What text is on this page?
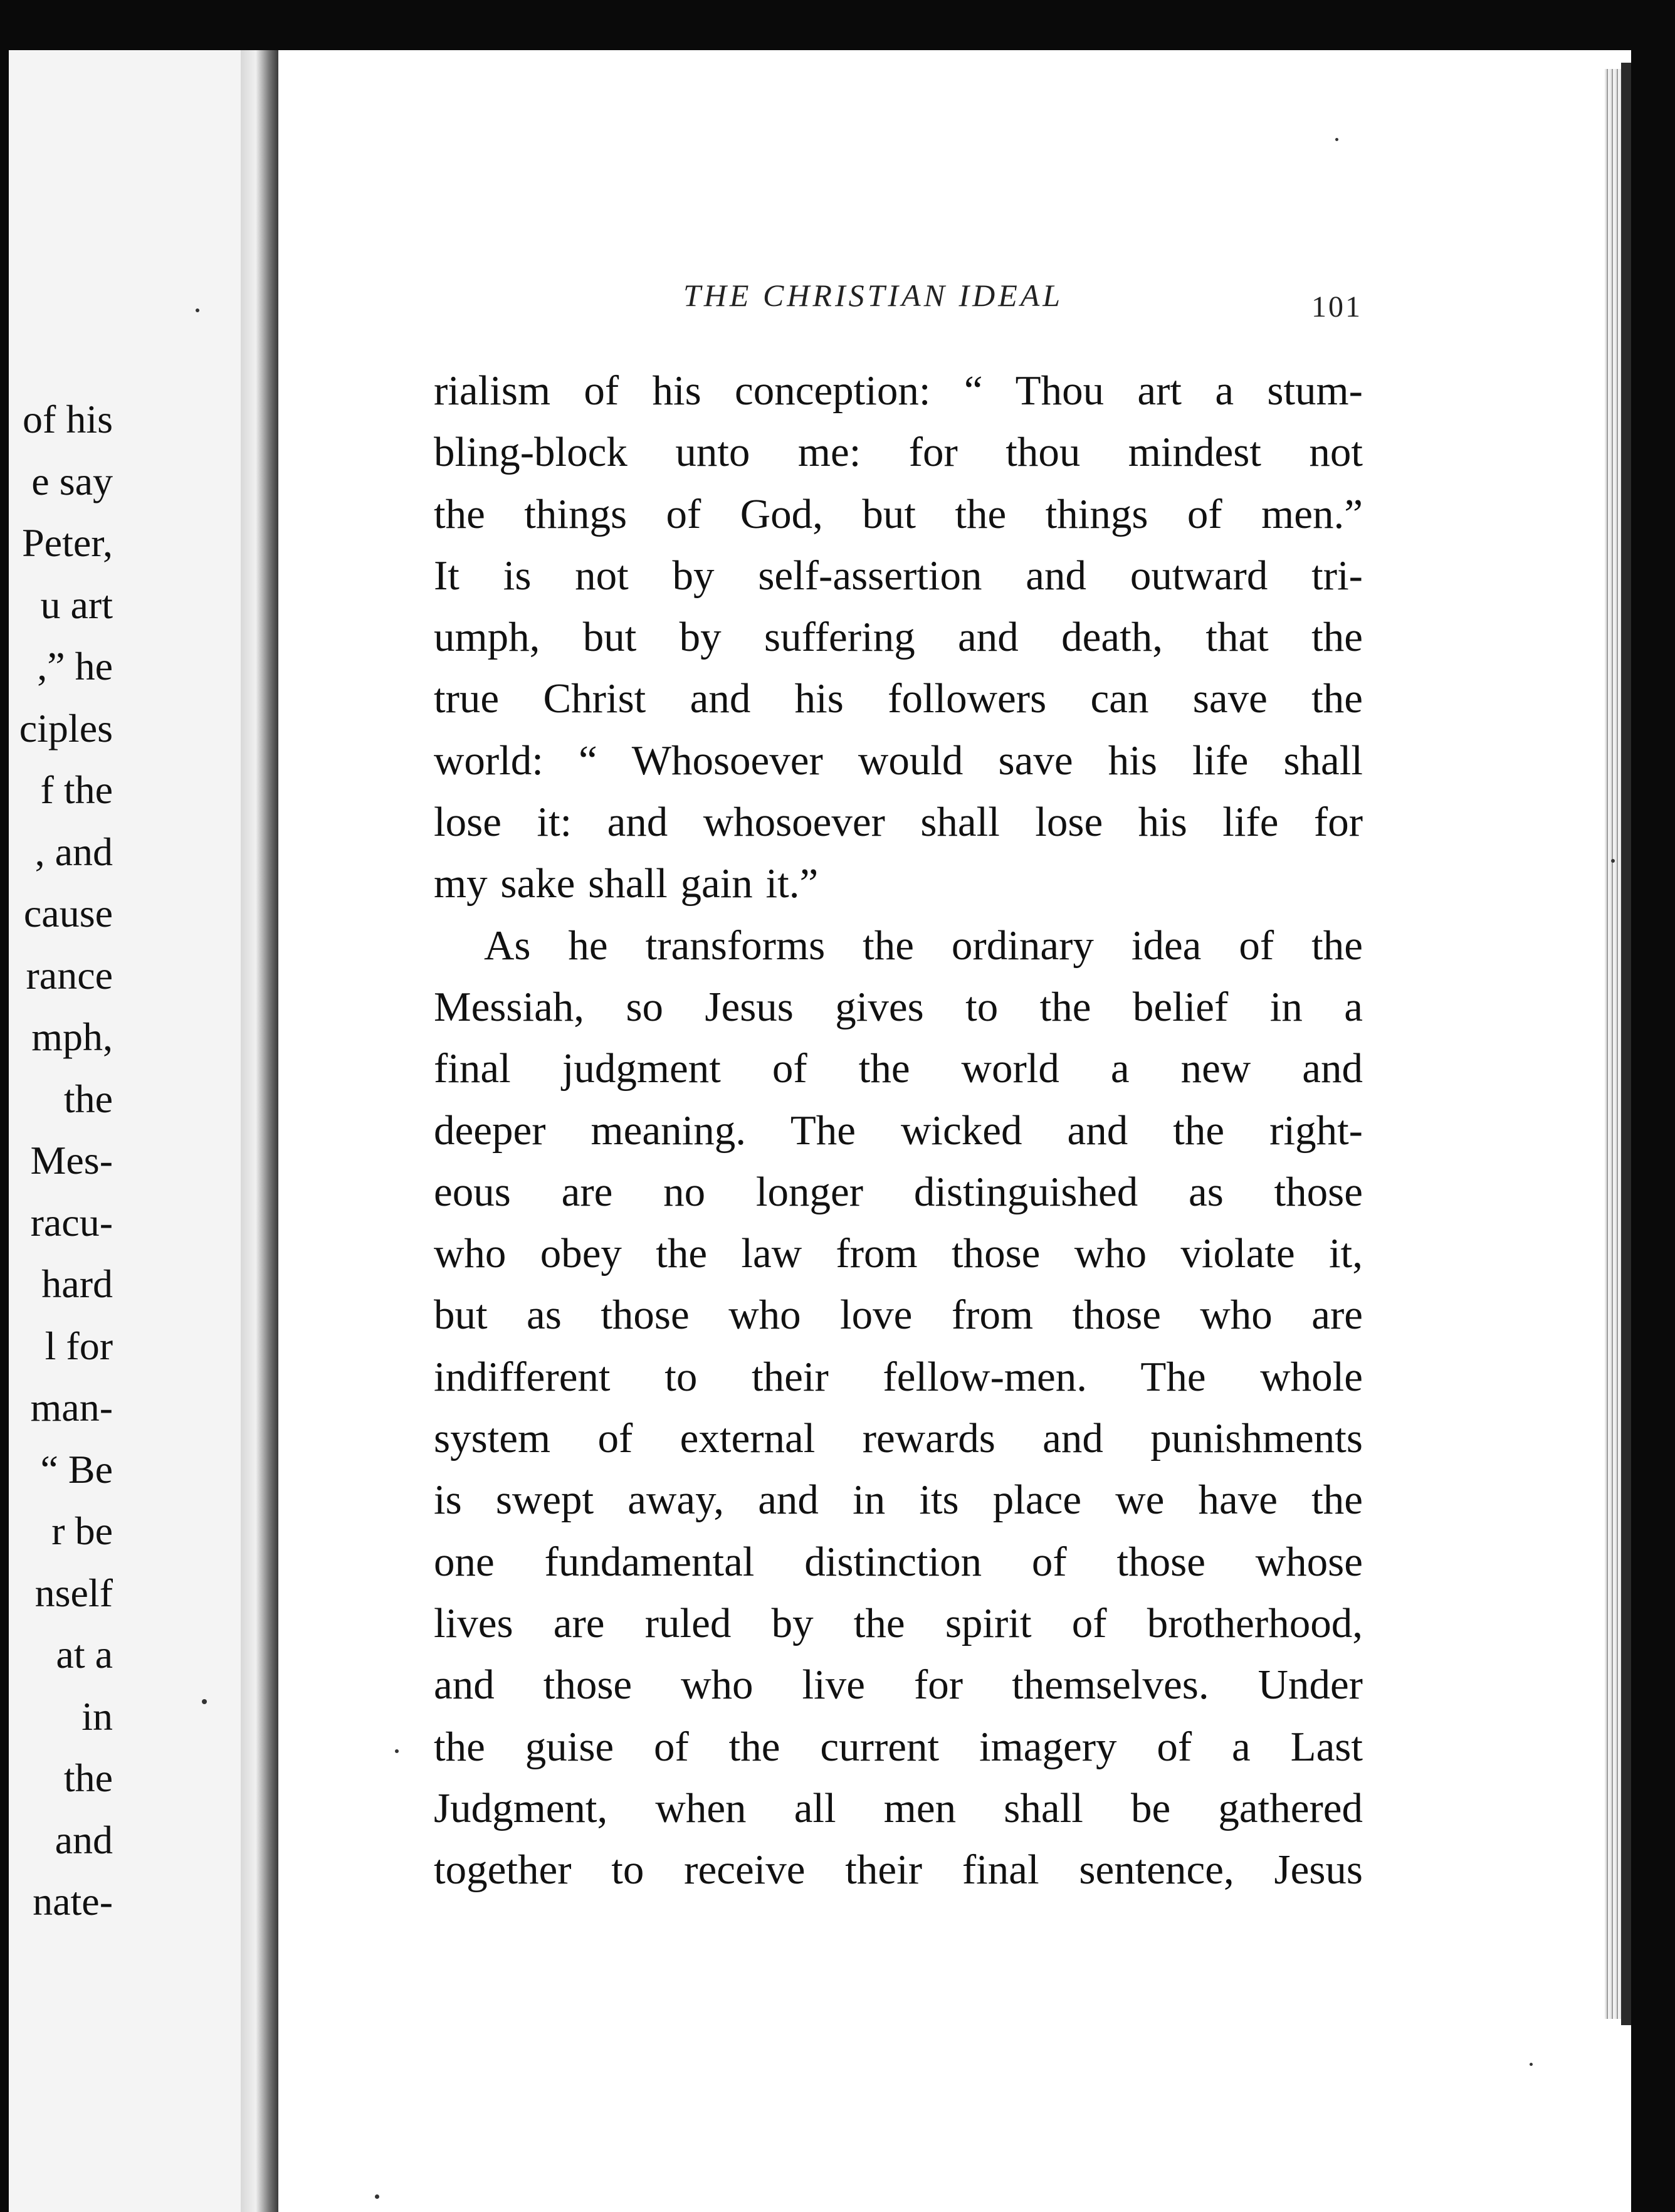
of his
e say
Peter,
u art
,” he
ciples
f the
, and
cause
rance
mph,
the
Mes-
racu-
hard
l for
man-
“ Be
r be
nself
at a
in
the
and
nate-
THE CHRISTIAN IDEAL	101
rialism of his conception: “ Thou art a stum-
bling-block unto me: for thou mindest not
the things of God, but the things of men.”
It is not by self-assertion and outward tri-
umph, but by suffering and death, that the
true Christ and his followers can save the
world: “ Whosoever would save his life shall
lose it: and whosoever shall lose his life for
my sake shall gain it.”
As he transforms the ordinary idea of the
Messiah, so Jesus gives to the belief in a
final judgment of the world a new and
deeper meaning. The wicked and the right-
eous are no longer distinguished as those
who obey the law from those who violate it,
but as those who love from those who are
indifferent to their fellow-men. The whole
system of external rewards and punishments
is swept away, and in its place we have the
one fundamental distinction of those whose
lives are ruled by the spirit of brotherhood,
and those who live for themselves. Under
the guise of the current imagery of a Last
Judgment, when all men shall be gathered
together to receive their final sentence, Jesus
